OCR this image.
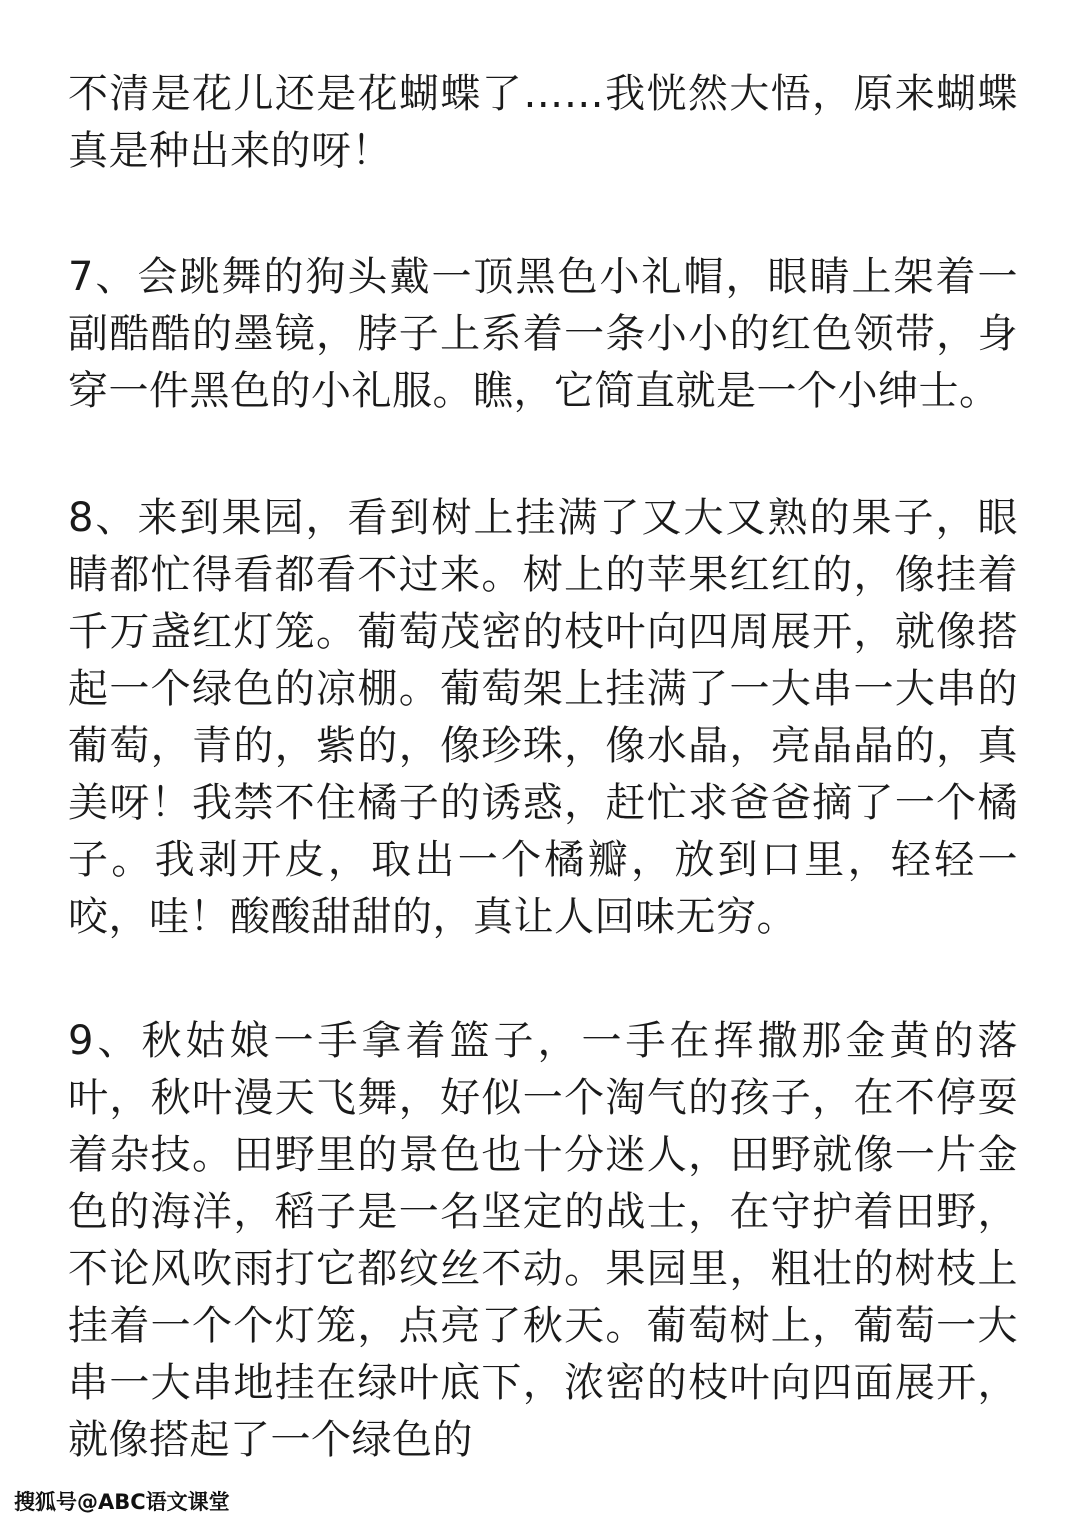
不清是花儿还是花蝴蝶了……我恍然大悟，原来蝴蝶真是种出来的呀！

7、会跳舞的狗头戴一顶黑色小礼帽，眼睛上架着一副酷酷的墨镜，脖子上系着一条小小的红色领带，身穿一件黑色的小礼服。瞧，它简直就是一个小绅士。

8、来到果园，看到树上挂满了又大又熟的果子，眼睛都忙得看都看不过来。树上的苹果红红的，像挂着千万盏红灯笼。葡萄茂密的枝叶向四周展开，就像搭起一个绿色的凉棚。葡萄架上挂满了一大串一大串的葡萄，青的，紫的，像珍珠，像水晶，亮晶晶的，真美呀！我禁不住橘子的诱惑，赶忙求爸爸摘了一个橘子。我剥开皮，取出一个橘瓣，放到口里，轻轻一咬，哇！酸酸甜甜的，真让人回味无穷。

9、秋姑娘一手拿着篮子，一手在挥撒那金黄的落叶，秋叶漫天飞舞，好似一个淘气的孩子，在不停耍着杂技。田野里的景色也十分迷人，田野就像一片金色的海洋，稻子是一名坚定的战士，在守护着田野，不论风吹雨打它都纹丝不动。果园里，粗壮的树枝上挂着一个个灯笼，点亮了秋天。葡萄树上，葡萄一大串一大串地挂在绿叶底下，浓密的枝叶向四面展开，就像搭起了一个绿色的

搜狐号@ABC语文课堂
